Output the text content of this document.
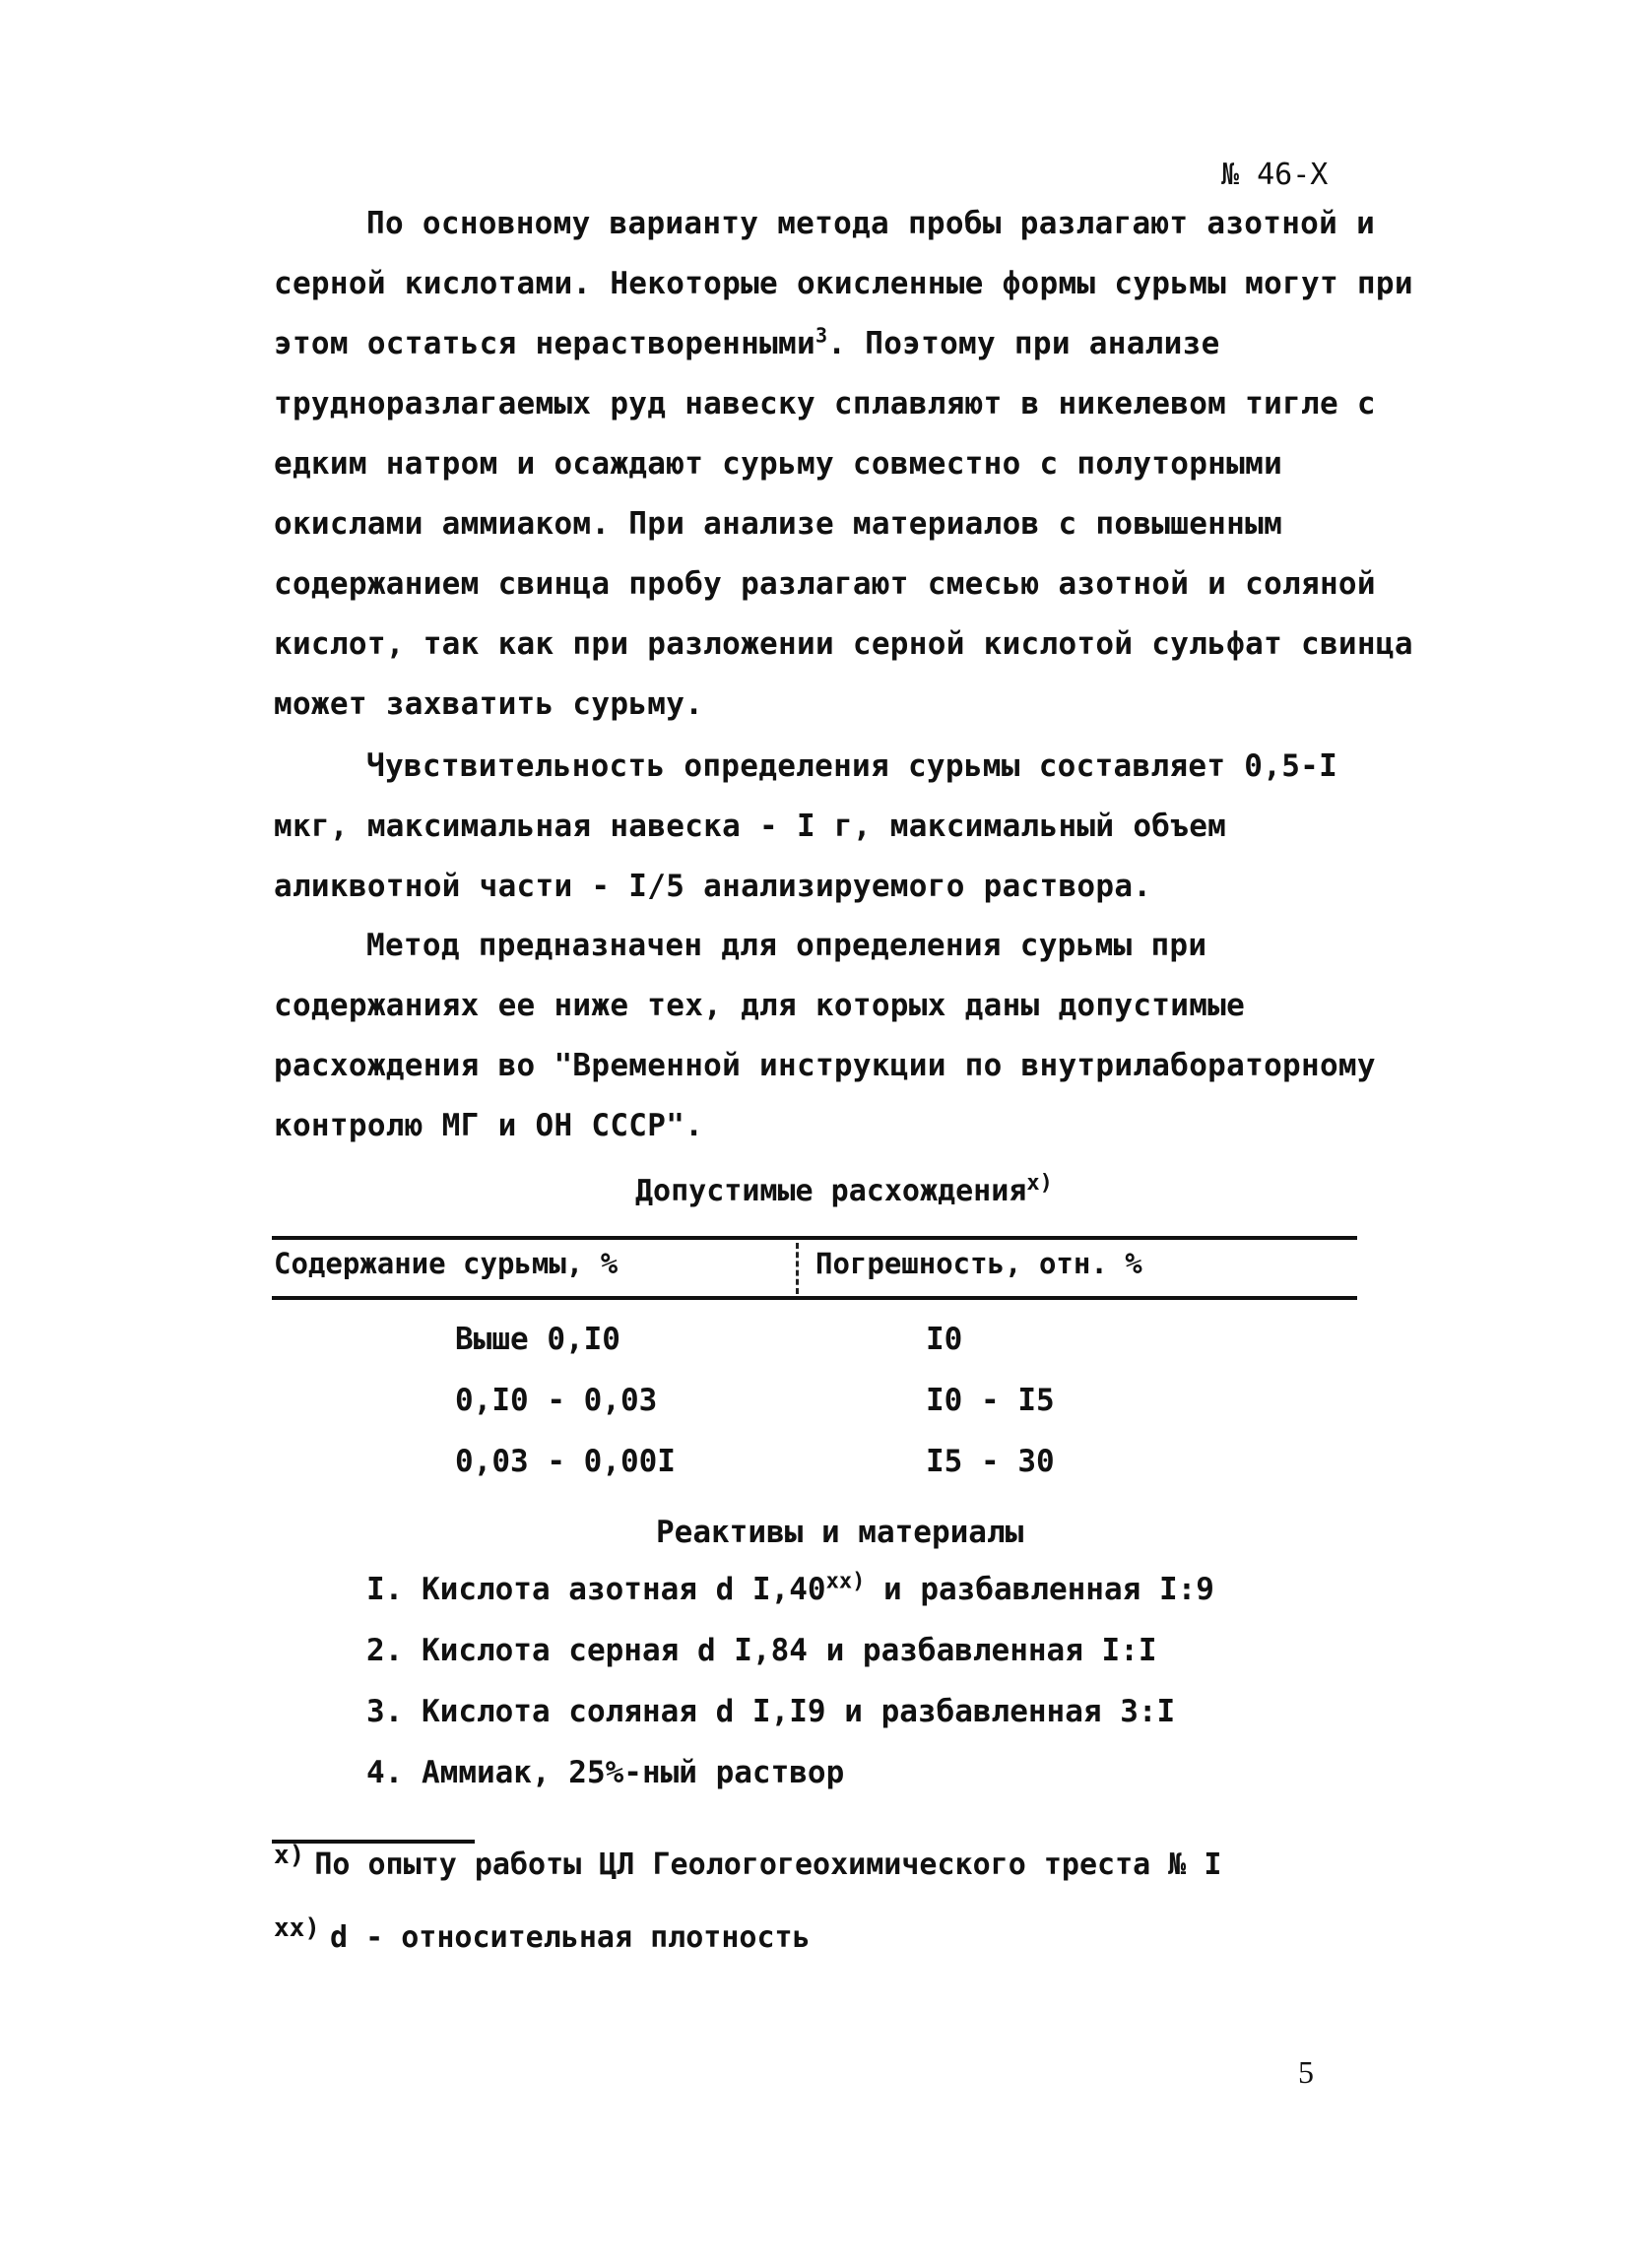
№ 46-Х

По основному варианту метода пробы разлагают азотной и серной кислотами. Некоторые окисленные формы сурьмы могут при этом остаться нерастворенными$^3$. Поэтому при анализе трудноразлагаемых руд навеску сплавляют в никелевом тигле с едким натром и осаждают сурьму совместно с полуторными окислами аммиаком. При анализе материалов с повышенным содержанием свинца пробу разлагают смесью азотной и соляной кислот, так как при разложении серной кислотой сульфат свинца может захватить сурьму.

Чувствительность определения сурьмы составляет 0,5-I мкг, максимальная навеска - I г, максимальный объем аликвотной части - I/5 анализируемого раствора.

Метод предназначен для определения сурьмы при содержаниях ее ниже тех, для которых даны допустимые расхождения во "Временной инструкции по внутрилабораторному контролю МГ и ОН СССР".

Допустимые расхождения$^{х)}$
Содержание сурьмы, %	Погрешность, отн. %
Выше 0,I0	I0
0,I0 - 0,03	I0 - I5
0,03 - 0,00I	I5 - 30
Реактивы и материалы
I. Кислота азотная d $I,40^{хх)}$ и разбавленная I:9
2. Кислота серная d I,84 и разбавленная I:I
3. Кислота соляная d I,I9 и разбавленная 3:I
4. Аммиак, 25%-ный раствор
х) По опыту работы ЦЛ Геологогеохимического треста № I
хх) d - относительная плотность
5
